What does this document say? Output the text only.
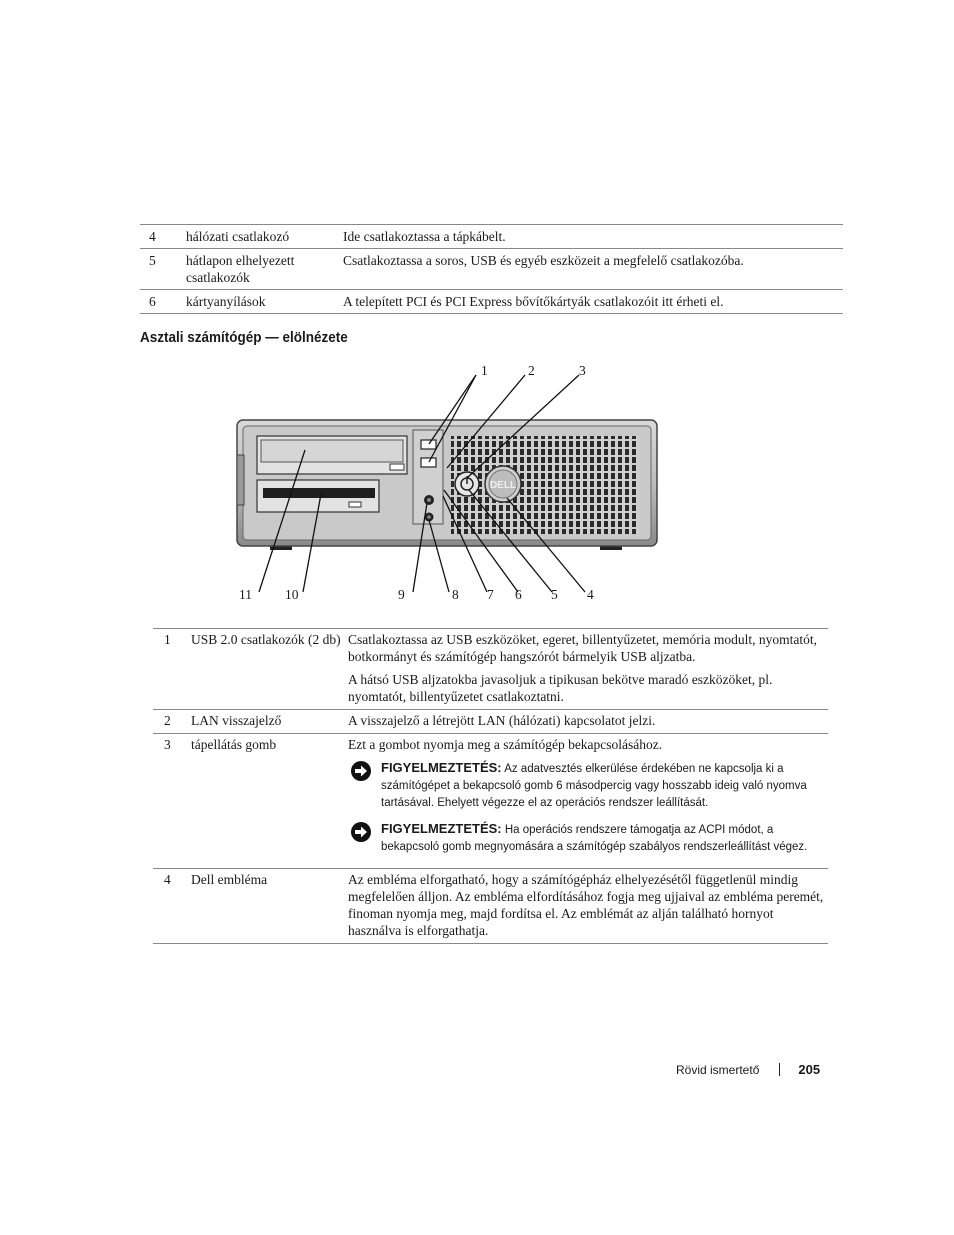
4	hálózati csatlakozó	Ide csatlakoztassa a tápkábelt.
5	hátlapon elhelyezett csatlakozók	Csatlakoztassa a soros, USB és egyéb eszközeit a megfelelő csatlakozóba.
6	kártyanyílások	A telepített PCI és PCI Express bővítőkártyák csatlakozóit itt érheti el.
Asztali számítógép — elölnézete
DELL
1	2	3
11 10	9	8 7 6 5 4
1	USB 2.0 csatlakozók (2 db)	Csatlakoztassa az USB eszközöket, egeret, billentyűzetet, memória modult, nyomtatót, botkormányt és számítógép hangszórót bármelyik USB aljzatba.

A hátsó USB aljzatokba javasoljuk a tipikusan bekötve maradó eszközöket, pl. nyomtatót, billentyűzetet csatlakoztatni.

2	LAN visszajelző	A visszajelző a létrejött LAN (hálózati) kapcsolatot jelzi.

3	tápellátás gomb	Ezt a gombot nyomja meg a számítógép bekapcsolásához.

FIGYELMEZTETÉS: Az adatvesztés elkerülése érdekében ne kapcsolja ki a számítógépet a bekapcsoló gomb 6 másodpercig vagy hosszabb ideig való nyomva tartásával. Ehelyett végezze el az operációs rendszer leállítását.
FIGYELMEZTETÉS: Ha operációs rendszere támogatja az ACPI módot, a bekapcsoló gomb megnyomására a számítógép szabályos rendszerleállítást végez.

4	Dell embléma	Az embléma elforgatható, hogy a számítógépház elhelyezésétől függetlenül mindig megfelelően álljon. Az embléma elfordításához fogja meg ujjaival az embléma peremét, finoman nyomja meg, majd fordítsa el. Az emblémát az alján található hornyot használva is elforgathatja.

Rövid ismertető	205
